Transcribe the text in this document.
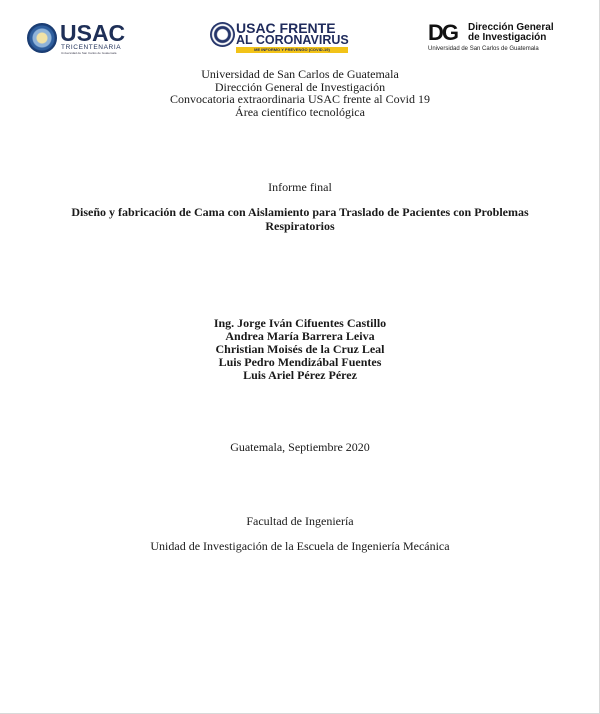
USAC
TRICENTENARIA
Universidad de San Carlos de Guatemala
USAC FRENTE
AL CORONAVIRUS
ME INFORMO Y PREVENGO (COVID-19)
DG Dirección General
de Investigación
Universidad de San Carlos de Guatemala
Universidad de San Carlos de Guatemala
Dirección General de Investigación
Convocatoria extraordinaria USAC frente al Covid 19
Área científico tecnológica
Informe final
Diseño y fabricación de Cama con Aislamiento para Traslado de Pacientes con Problemas Respiratorios
Ing. Jorge Iván Cifuentes Castillo
Andrea María Barrera Leiva
Christian Moisés de la Cruz Leal
Luis Pedro Mendizábal Fuentes
Luis Ariel Pérez Pérez
Guatemala, Septiembre 2020
Facultad de Ingeniería
Unidad de Investigación de la Escuela de Ingeniería Mecánica
